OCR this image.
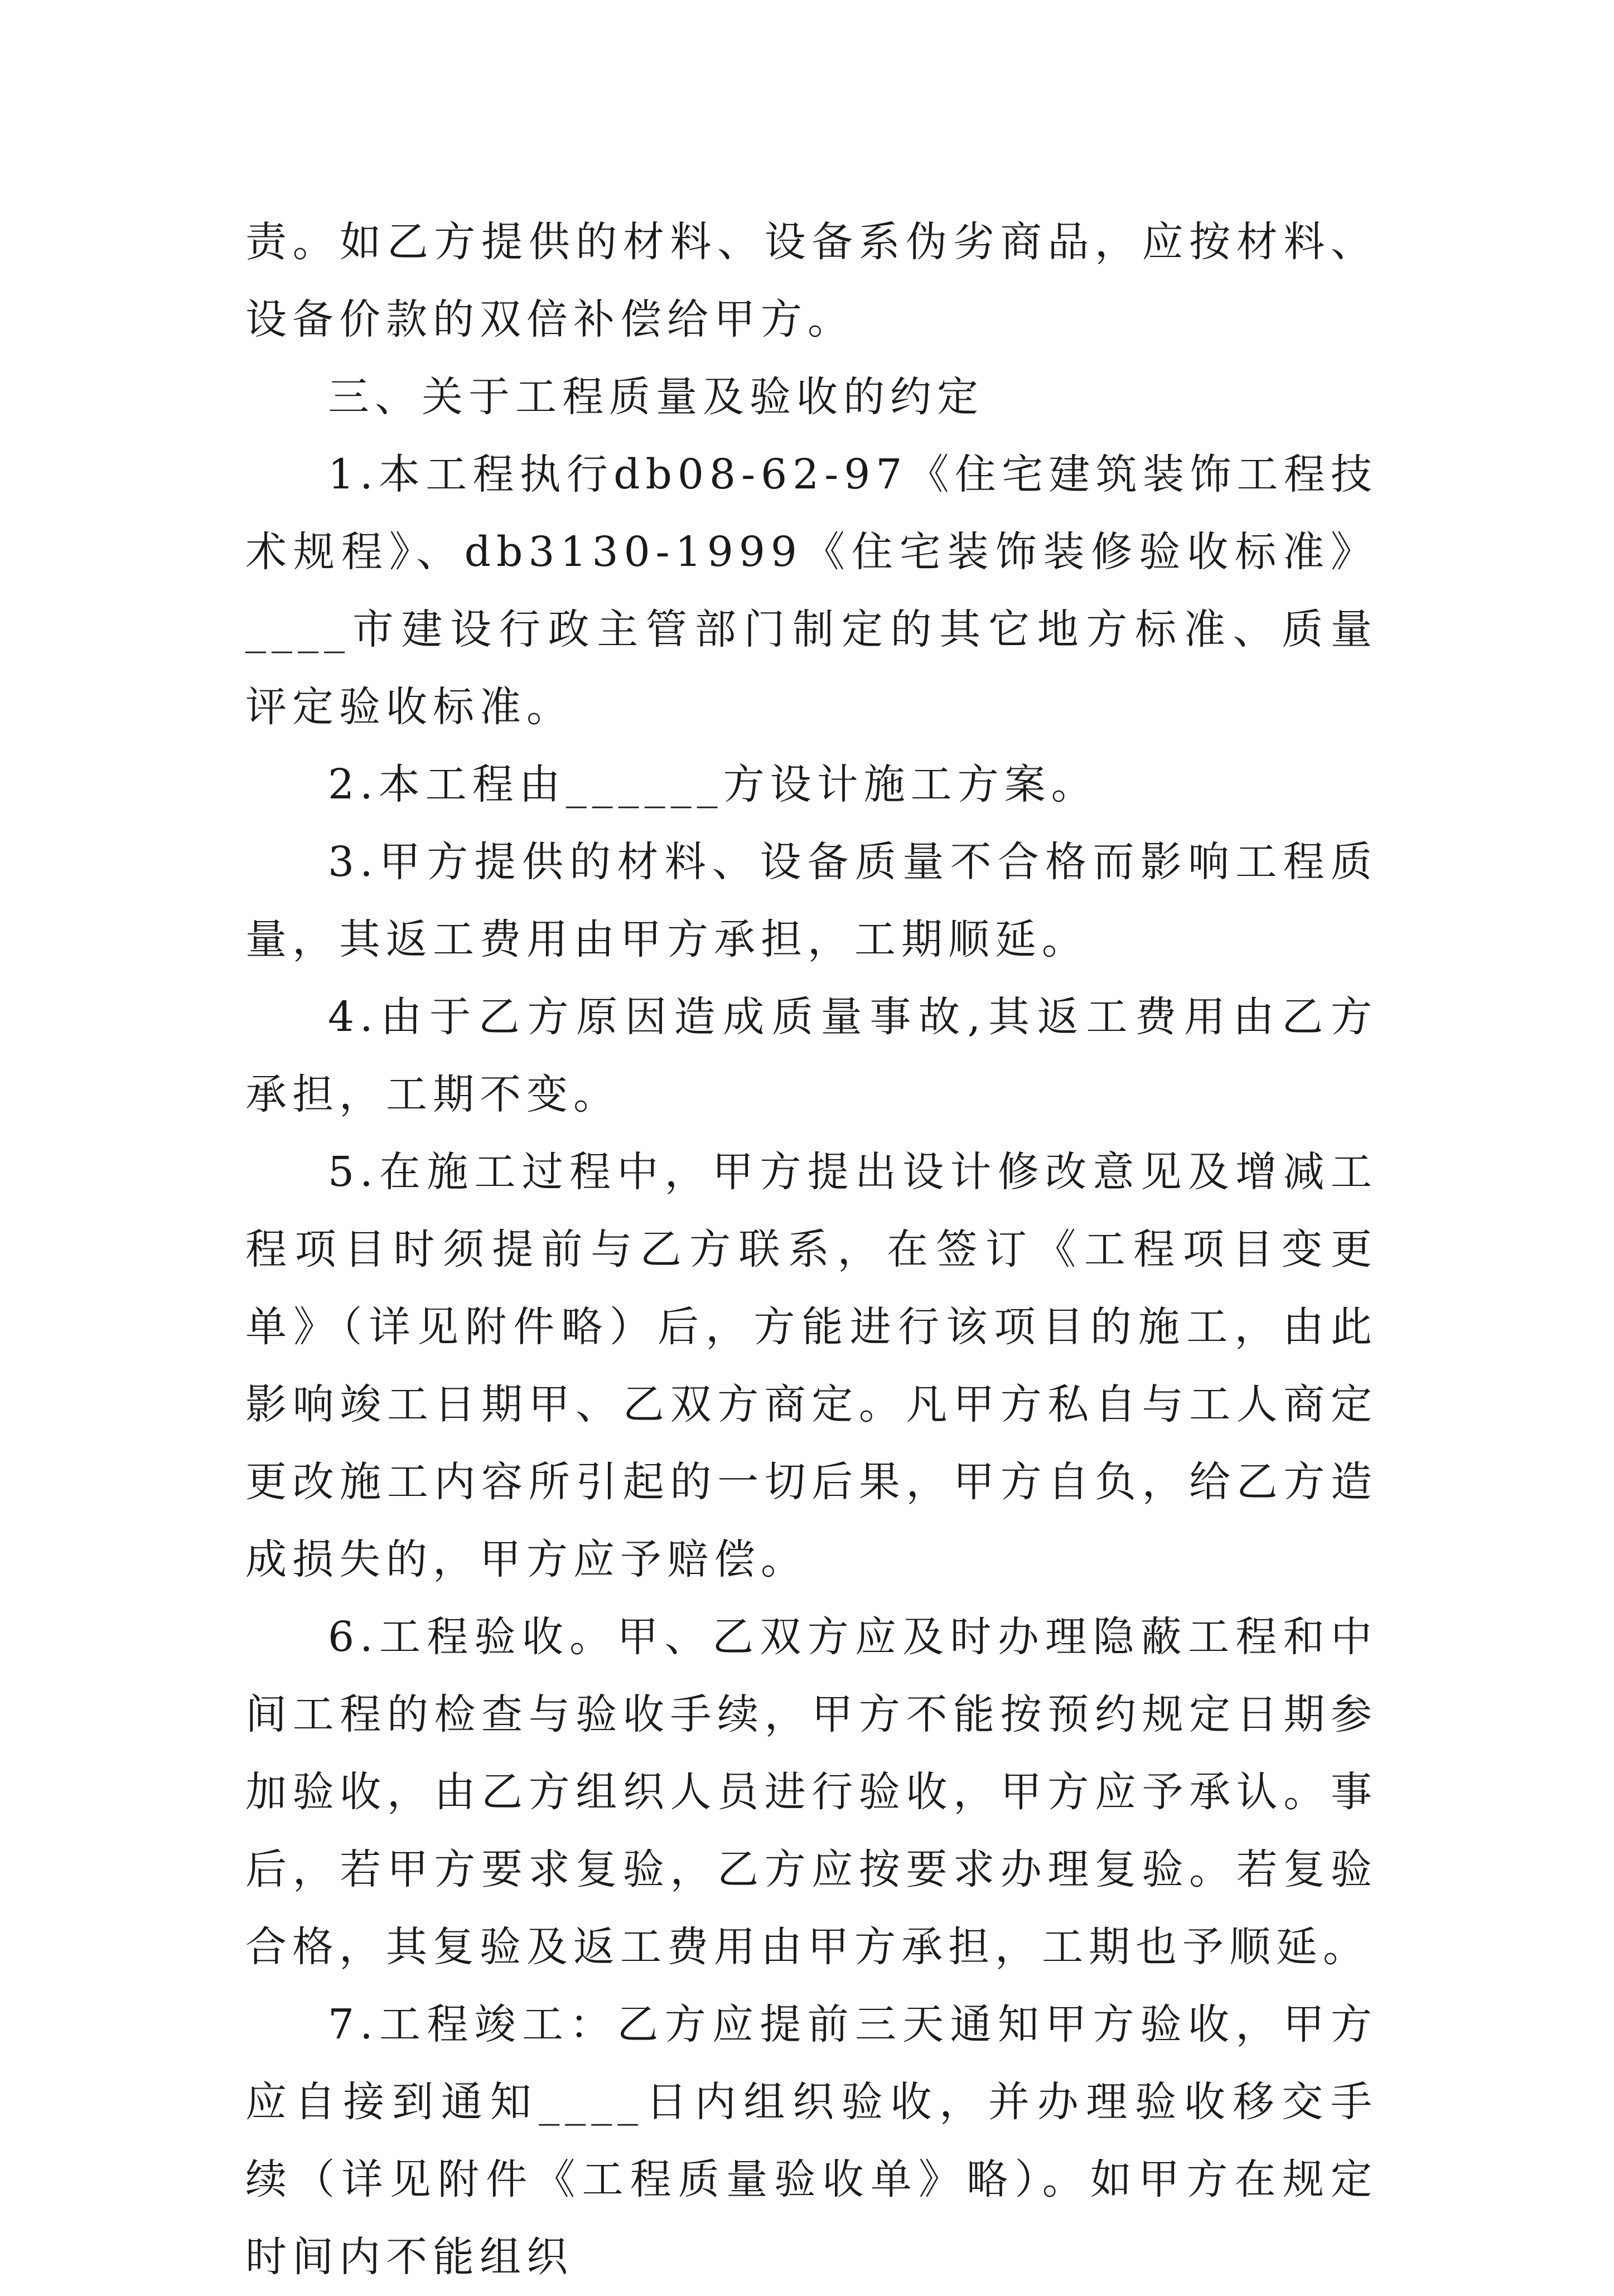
责。如乙方提供的材料、设备系伪劣商品，应按材料、设备价款的双倍补偿给甲方。

三、关于工程质量及验收的约定

1.本工程执行db08-62-97《住宅建筑装饰工程技术规程》、db3130-1999《住宅装饰装修验收标准》____市建设行政主管部门制定的其它地方标准、质量评定验收标准。

2.本工程由______方设计施工方案。

3.甲方提供的材料、设备质量不合格而影响工程质量，其返工费用由甲方承担，工期顺延。

4.由于乙方原因造成质量事故,其返工费用由乙方承担，工期不变。

5.在施工过程中，甲方提出设计修改意见及增减工程项目时须提前与乙方联系，在签订《工程项目变更单》（详见附件略）后，方能进行该项目的施工，由此影响竣工日期甲、乙双方商定。凡甲方私自与工人商定更改施工内容所引起的一切后果，甲方自负，给乙方造成损失的，甲方应予赔偿。

6.工程验收。甲、乙双方应及时办理隐蔽工程和中间工程的检查与验收手续，甲方不能按预约规定日期参加验收，由乙方组织人员进行验收，甲方应予承认。事后，若甲方要求复验，乙方应按要求办理复验。若复验合格，其复验及返工费用由甲方承担，工期也予顺延。

7.工程竣工：乙方应提前三天通知甲方验收，甲方应自接到通知____日内组织验收，并办理验收移交手续（详见附件《工程质量验收单》略）。如甲方在规定时间内不能组织
